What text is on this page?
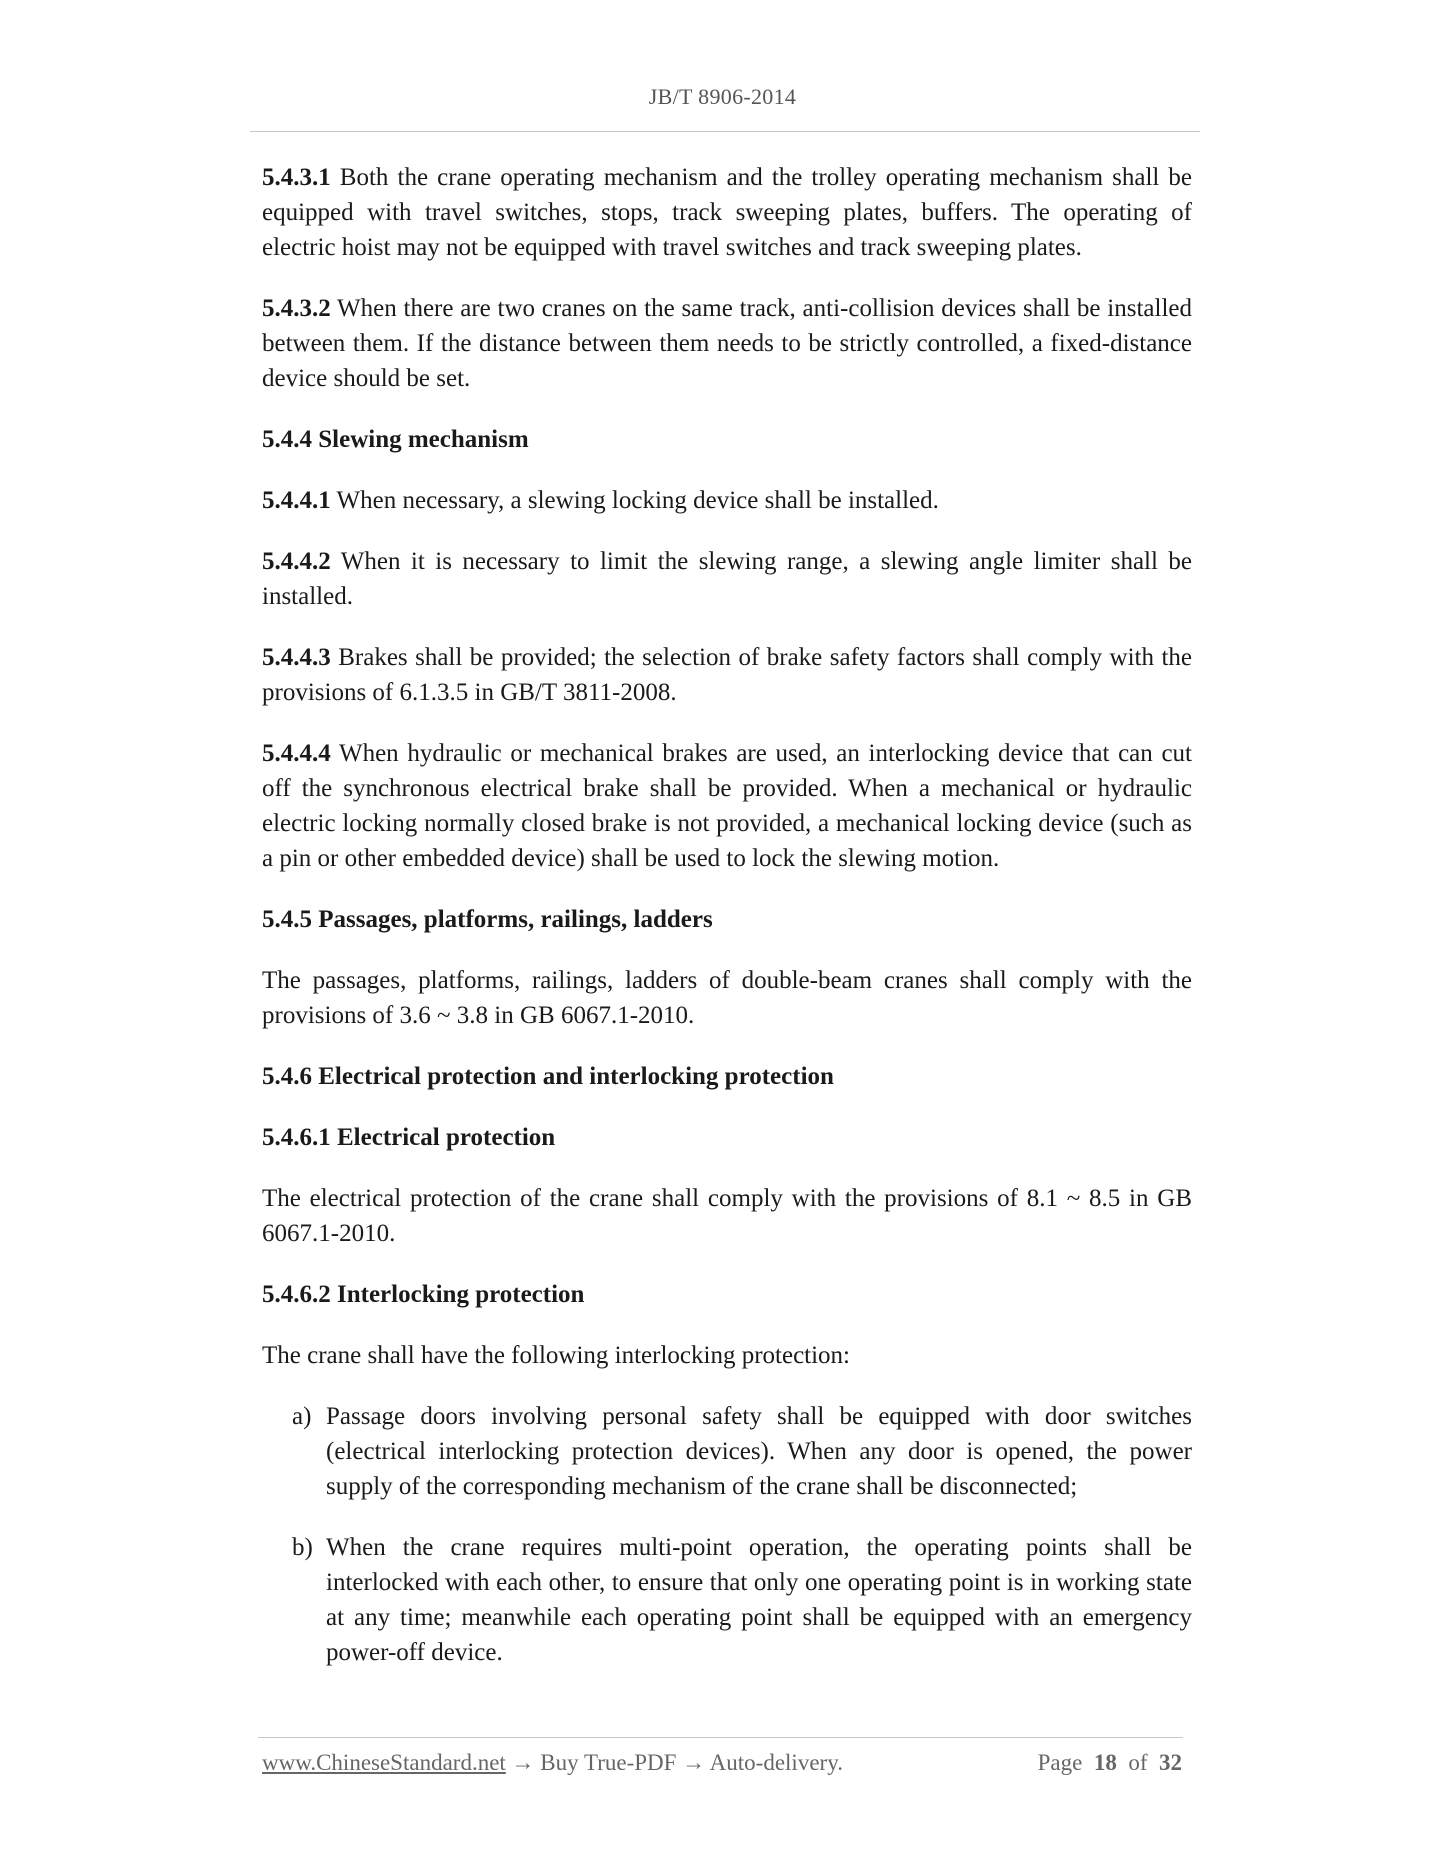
JB/T 8906-2014

5.4.3.1 Both the crane operating mechanism and the trolley operating mechanism shall be equipped with travel switches, stops, track sweeping plates, buffers. The operating of electric hoist may not be equipped with travel switches and track sweeping plates.

5.4.3.2 When there are two cranes on the same track, anti-collision devices shall be installed between them. If the distance between them needs to be strictly controlled, a fixed-distance device should be set.

5.4.4 Slewing mechanism

5.4.4.1 When necessary, a slewing locking device shall be installed.

5.4.4.2 When it is necessary to limit the slewing range, a slewing angle limiter shall be installed.

5.4.4.3 Brakes shall be provided; the selection of brake safety factors shall comply with the provisions of 6.1.3.5 in GB/T 3811-2008.

5.4.4.4 When hydraulic or mechanical brakes are used, an interlocking device that can cut off the synchronous electrical brake shall be provided. When a mechanical or hydraulic electric locking normally closed brake is not provided, a mechanical locking device (such as a pin or other embedded device) shall be used to lock the slewing motion.

5.4.5 Passages, platforms, railings, ladders

The passages, platforms, railings, ladders of double-beam cranes shall comply with the provisions of 3.6 ~ 3.8 in GB 6067.1-2010.

5.4.6 Electrical protection and interlocking protection

5.4.6.1 Electrical protection

The electrical protection of the crane shall comply with the provisions of 8.1 ~ 8.5 in GB 6067.1-2010.

5.4.6.2 Interlocking protection

The crane shall have the following interlocking protection:

a) Passage doors involving personal safety shall be equipped with door switches (electrical interlocking protection devices). When any door is opened, the power supply of the corresponding mechanism of the crane shall be disconnected;
b) When the crane requires multi-point operation, the operating points shall be interlocked with each other, to ensure that only one operating point is in working state at any time; meanwhile each operating point shall be equipped with an emergency power-off device.
www.ChineseStandard.net → Buy True-PDF → Auto-delivery.	Page 18 of 32
